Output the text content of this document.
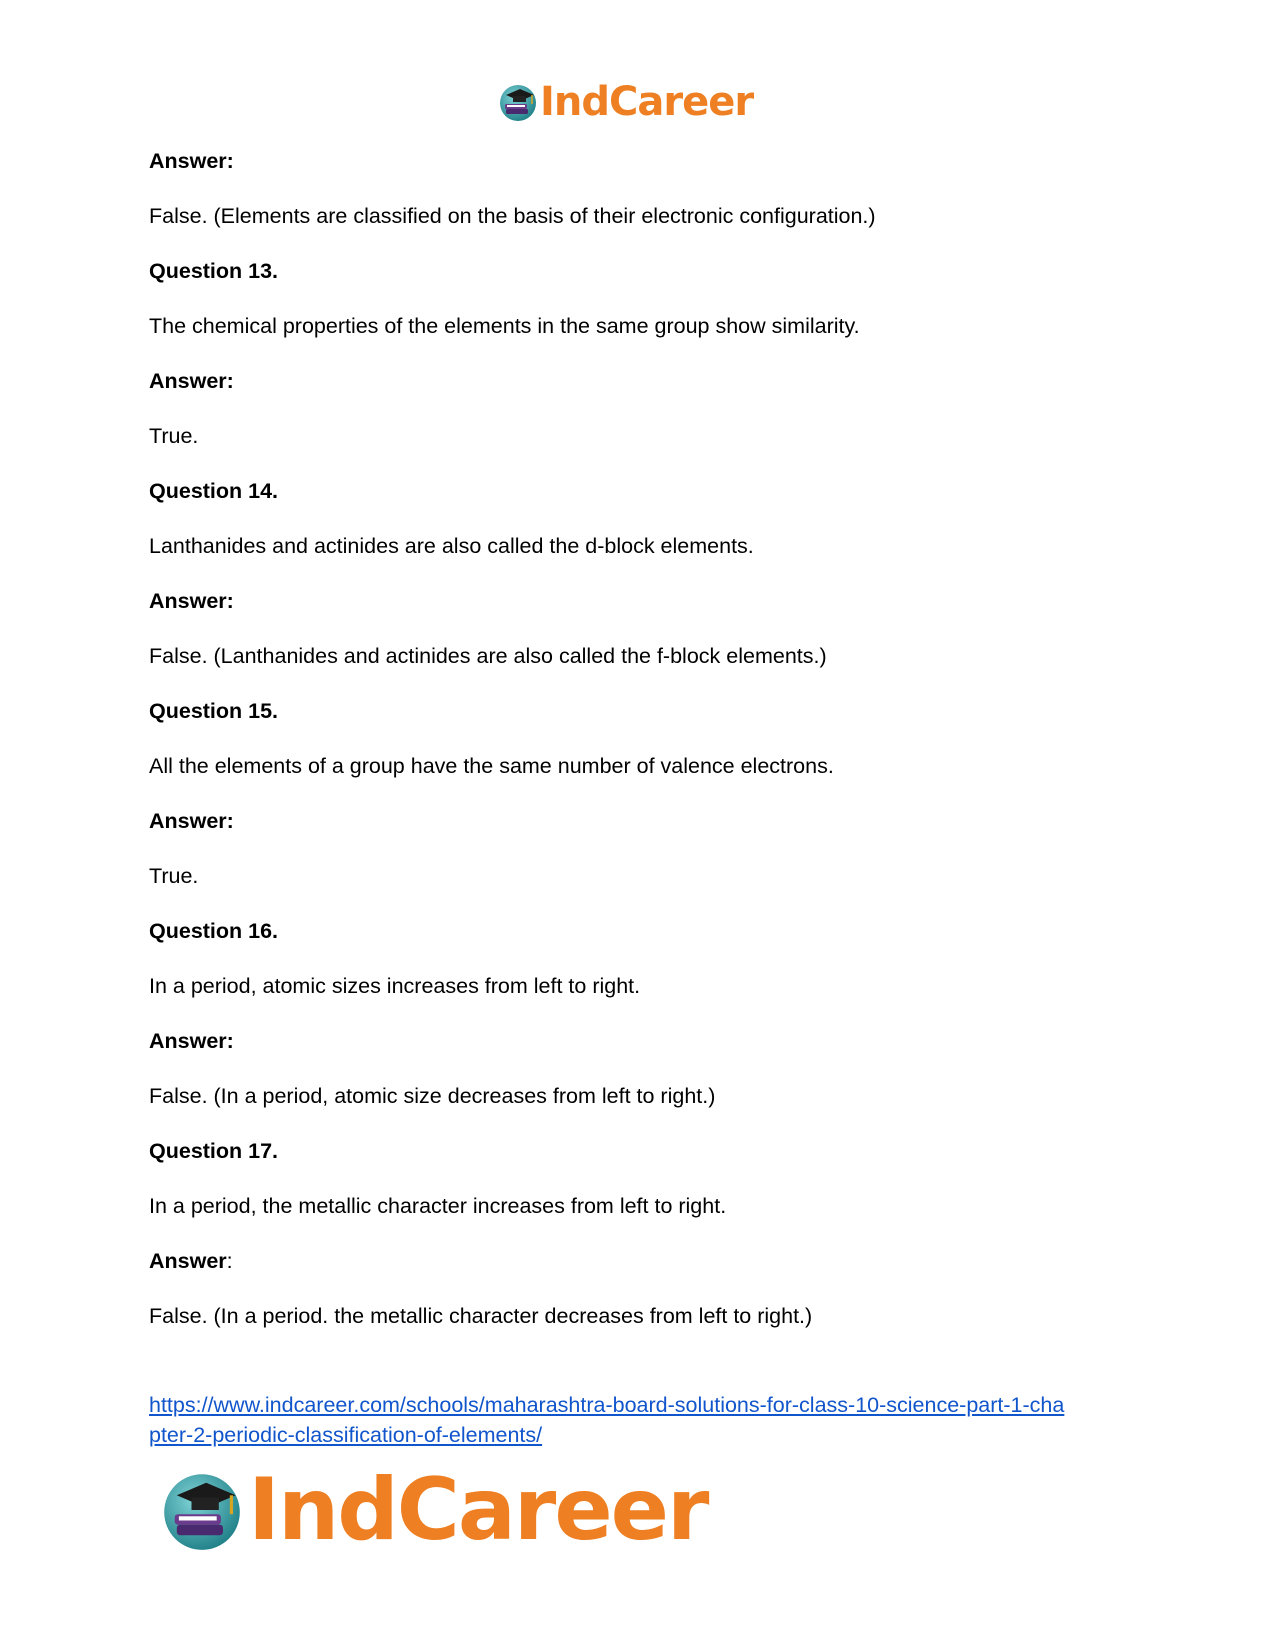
IndCareer
Answer:
False. (Elements are classified on the basis of their electronic configuration.)
Question 13.
The chemical properties of the elements in the same group show similarity.
Answer:
True.
Question 14.
Lanthanides and actinides are also called the d-block elements.
Answer:
False. (Lanthanides and actinides are also called the f-block elements.)
Question 15.
All the elements of a group have the same number of valence electrons.
Answer:
True.
Question 16.
In a period, atomic sizes increases from left to right.
Answer:
False. (In a period, atomic size decreases from left to right.)
Question 17.
In a period, the metallic character increases from left to right.
Answer:
False. (In a period. the metallic character decreases from left to right.)
https://www.indcareer.com/schools/maharashtra-board-solutions-for-class-10-science-part-1-cha
pter-2-periodic-classification-of-elements/
IndCareer
